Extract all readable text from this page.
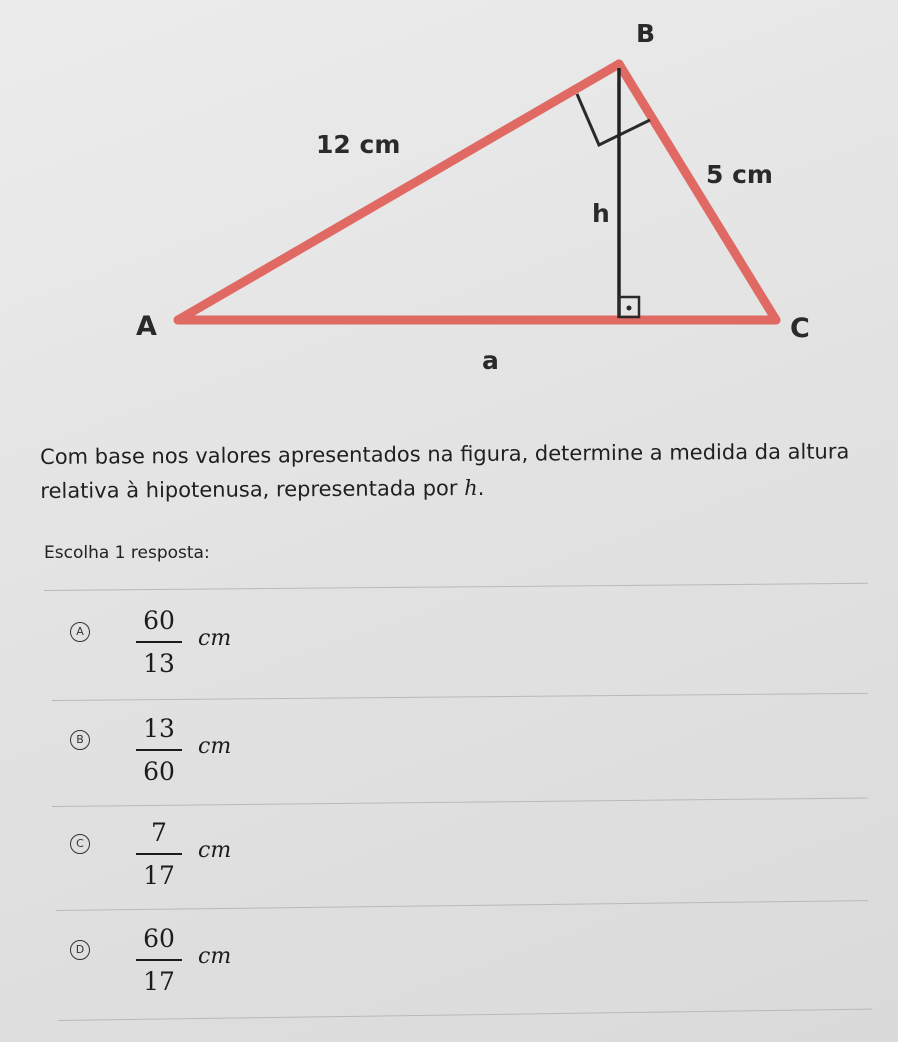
B
12 cm
5 cm
h
A	C
a
Com base nos valores apresentados na figura, determine a medida da altura relativa à hipotenusa, representada por h.
Escolha 1 resposta:
A 60
13
cm
B 13
60
cm
C	7
17
cm
D 60
17
cm
